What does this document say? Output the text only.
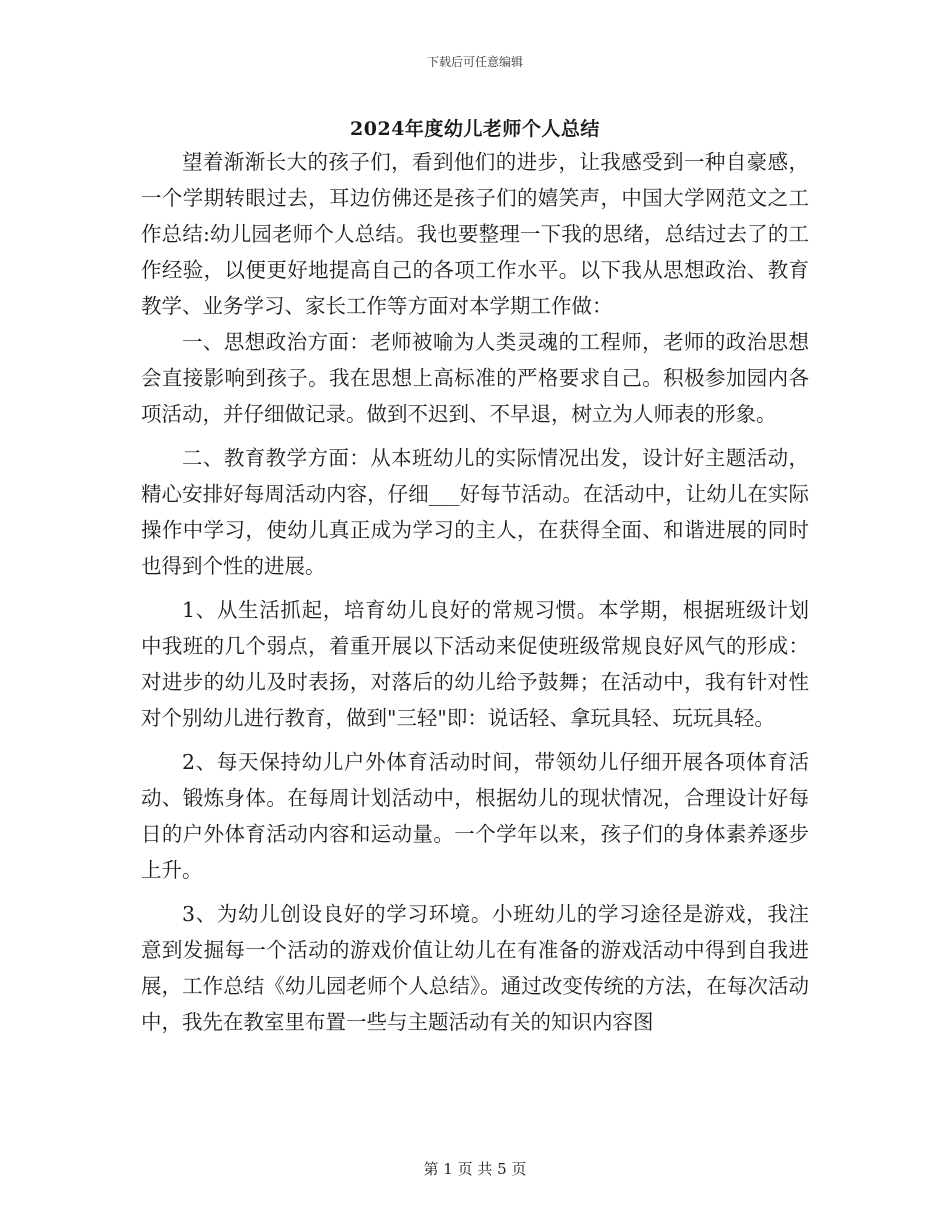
下载后可任意编辑
2024年度幼儿老师个人总结

望着渐渐长大的孩子们，看到他们的进步，让我感受到一种自豪感，一个学期转眼过去，耳边仿佛还是孩子们的嬉笑声，中国大学网范文之工作总结:幼儿园老师个人总结。我也要整理一下我的思绪，总结过去了的工作经验，以便更好地提高自己的各项工作水平。以下我从思想政治、教育教学、业务学习、家长工作等方面对本学期工作做：

一、思想政治方面：老师被喻为人类灵魂的工程师，老师的政治思想会直接影响到孩子。我在思想上高标准的严格要求自己。积极参加园内各项活动，并仔细做记录。做到不迟到、不早退，树立为人师表的形象。

二、教育教学方面：从本班幼儿的实际情况出发，设计好主题活动，精心安排好每周活动内容，仔细___好每节活动。在活动中，让幼儿在实际操作中学习，使幼儿真正成为学习的主人，在获得全面、和谐进展的同时也得到个性的进展。

1、从生活抓起，培育幼儿良好的常规习惯。本学期，根据班级计划中我班的几个弱点，着重开展以下活动来促使班级常规良好风气的形成：对进步的幼儿及时表扬，对落后的幼儿给予鼓舞；在活动中，我有针对性对个别幼儿进行教育，做到"三轻"即：说话轻、拿玩具轻、玩玩具轻。

2、每天保持幼儿户外体育活动时间，带领幼儿仔细开展各项体育活动、锻炼身体。在每周计划活动中，根据幼儿的现状情况，合理设计好每日的户外体育活动内容和运动量。一个学年以来，孩子们的身体素养逐步上升。

3、为幼儿创设良好的学习环境。小班幼儿的学习途径是游戏，我注意到发掘每一个活动的游戏价值让幼儿在有准备的游戏活动中得到自我进展，工作总结《幼儿园老师个人总结》。通过改变传统的方法，在每次活动中，我先在教室里布置一些与主题活动有关的知识内容图

第 1 页 共 5 页
